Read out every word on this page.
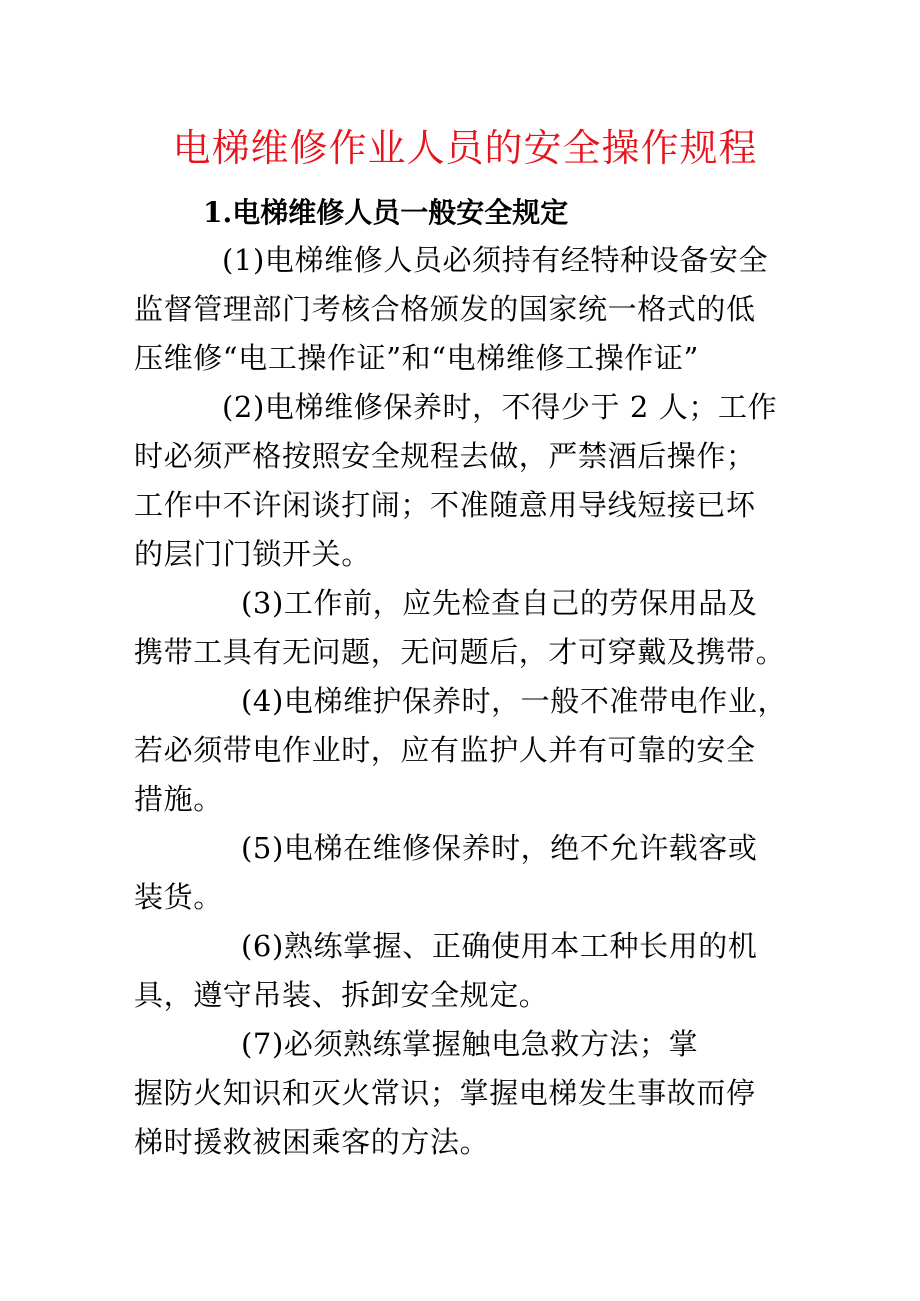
电梯维修作业人员的安全操作规程
1.电梯维修人员一般安全规定
(1)电梯维修人员必须持有经特种设备安全
监督管理部门考核合格颁发的国家统一格式的低
压维修“电工操作证”和“电梯维修工操作证”
(2)电梯维修保养时，不得少于 2 人；工作
时必须严格按照安全规程去做，严禁酒后操作；
工作中不许闲谈打闹；不准随意用导线短接已坏
的层门门锁开关。
(3)工作前，应先检查自己的劳保用品及
携带工具有无问题，无问题后，才可穿戴及携带。
(4)电梯维护保养时，一般不准带电作业，
若必须带电作业时，应有监护人并有可靠的安全
措施。
(5)电梯在维修保养时，绝不允许载客或
装货。
(6)熟练掌握、正确使用本工种长用的机
具，遵守吊装、拆卸安全规定。
(7)必须熟练掌握触电急救方法；掌
握防火知识和灭火常识；掌握电梯发生事故而停
梯时援救被困乘客的方法。
